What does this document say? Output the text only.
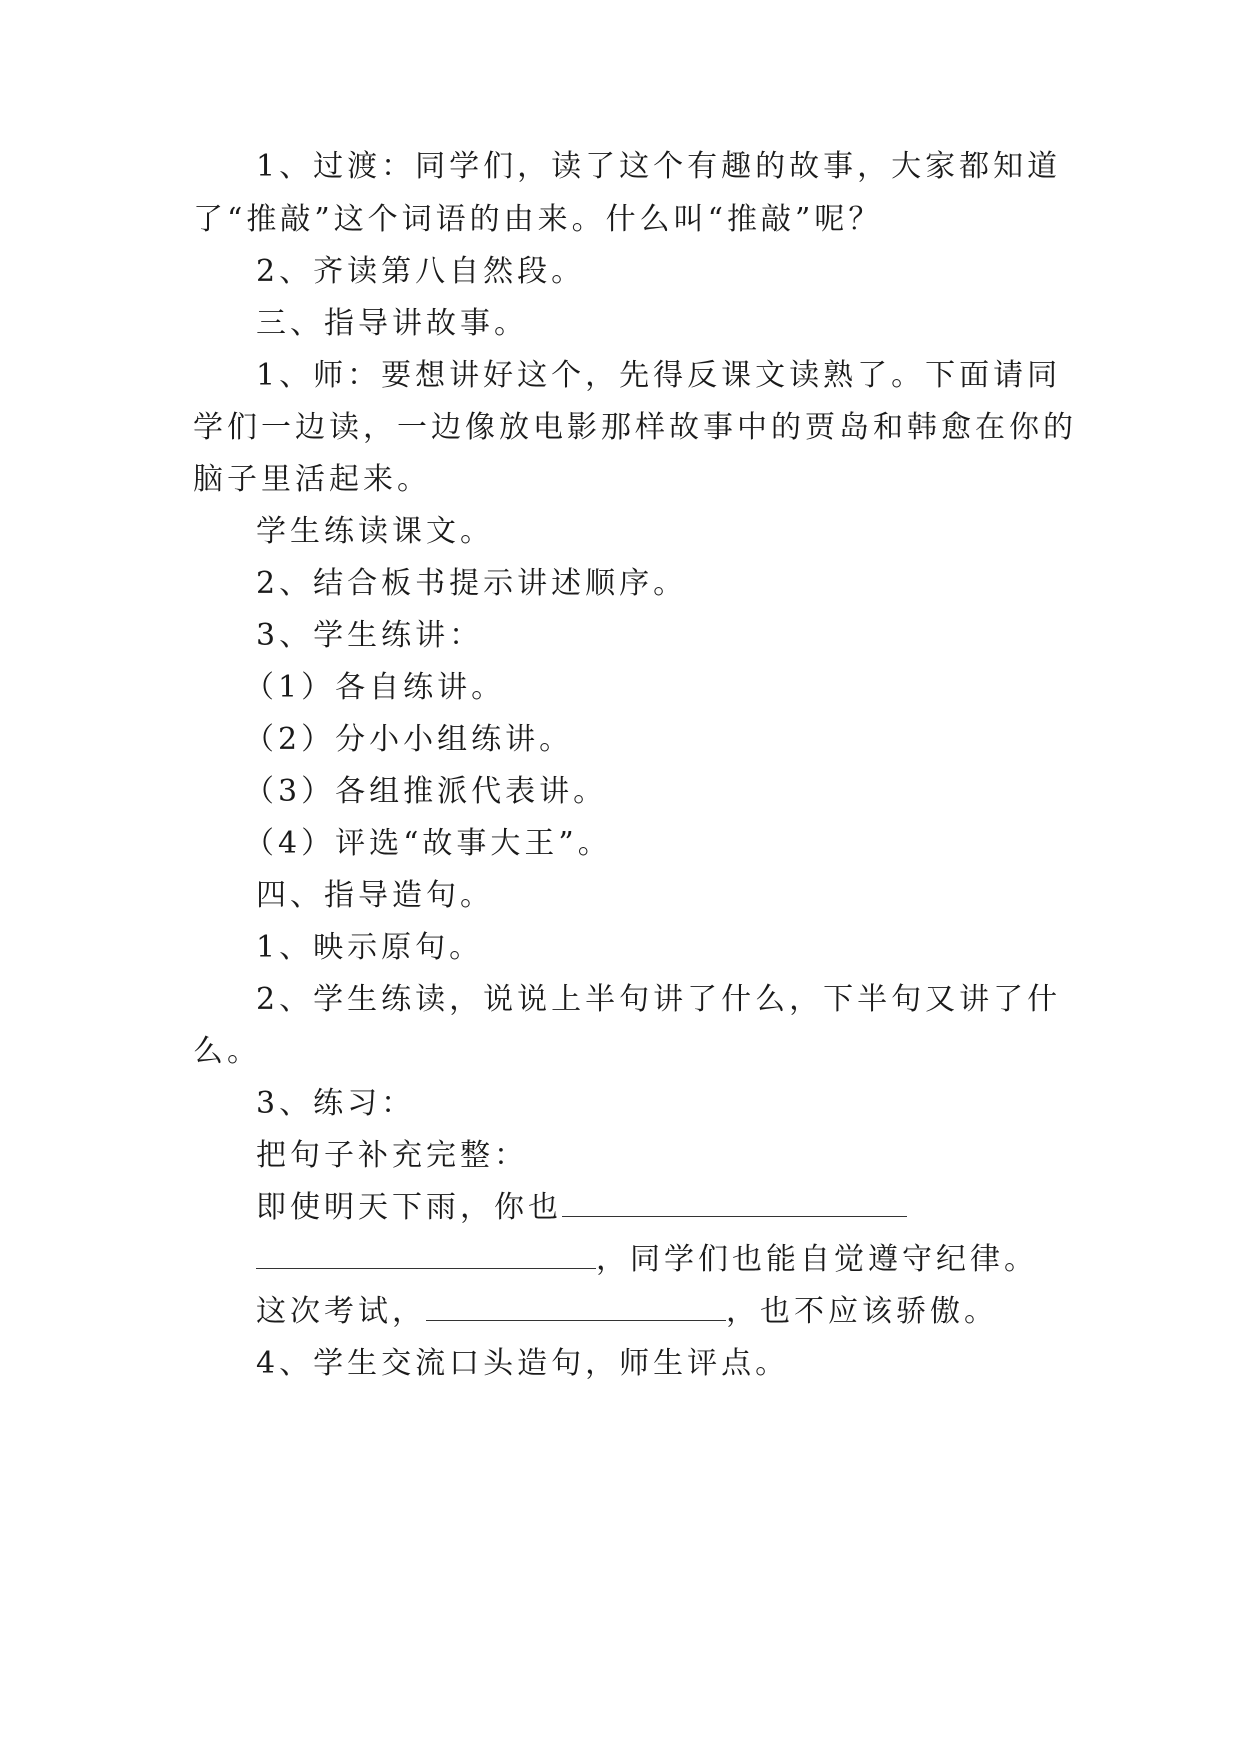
1、过渡：同学们，读了这个有趣的故事，大家都知道
了“推敲”这个词语的由来。什么叫“推敲”呢？
2、齐读第八自然段。
三、指导讲故事。
1、师：要想讲好这个，先得反课文读熟了。下面请同
学们一边读，一边像放电影那样故事中的贾岛和韩愈在你的
脑子里活起来。
学生练读课文。
2、结合板书提示讲述顺序。
3、学生练讲：
（1）各自练讲。
（2）分小小组练讲。
（3）各组推派代表讲。
（4）评选“故事大王”。
四、指导造句。
1、映示原句。
2、学生练读，说说上半句讲了什么，下半句又讲了什
么。
3、练习：
把句子补充完整：
即使明天下雨，你也
，同学们也能自觉遵守纪律。
这次考试，	，也不应该骄傲。
4、学生交流口头造句，师生评点。
